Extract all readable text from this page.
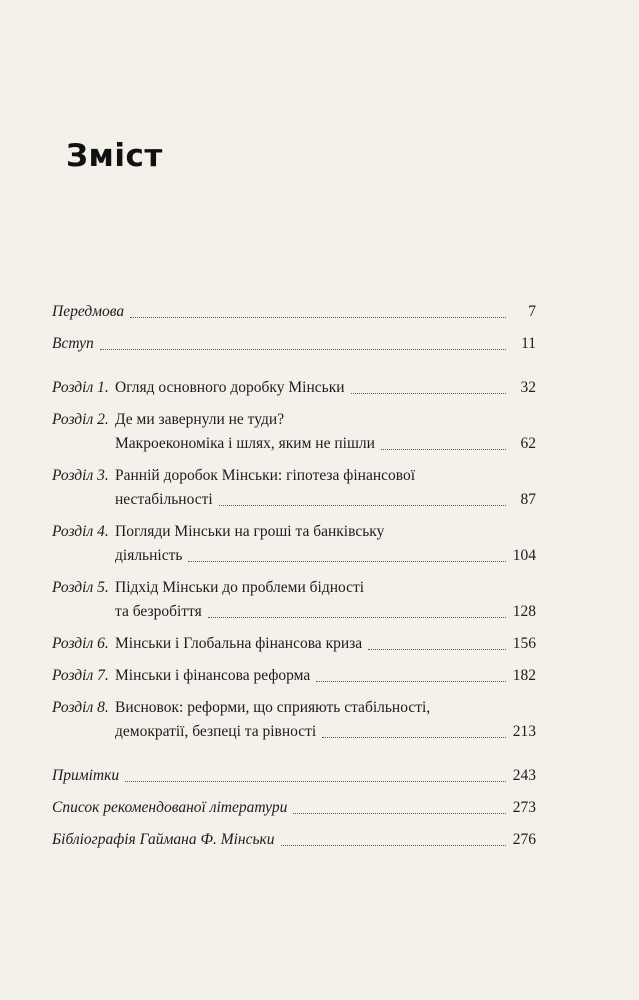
Зміст
Передмова	7
Вступ	11
Розділ 1. Огляд основного доробку Мінськи	32
Розділ 2. Де ми завернули не туди?
Макроекономіка і шлях, яким не пішли	62
Розділ 3. Ранній доробок Мінськи: гіпотеза фінансової
нестабільності	87
Розділ 4. Погляди Мінськи на гроші та банківську
діяльність	104
Розділ 5. Підхід Мінськи до проблеми бідності
та безробіття	128
Розділ 6. Мінськи і Глобальна фінансова криза	156
Розділ 7. Мінськи і фінансова реформа	182
Розділ 8. Висновок: реформи, що сприяють стабільності,
демократії, безпеці та рівності	213
Примітки	243
Список рекомендованої літератури	273
Бібліографія Гаймана Ф. Мінськи	276
